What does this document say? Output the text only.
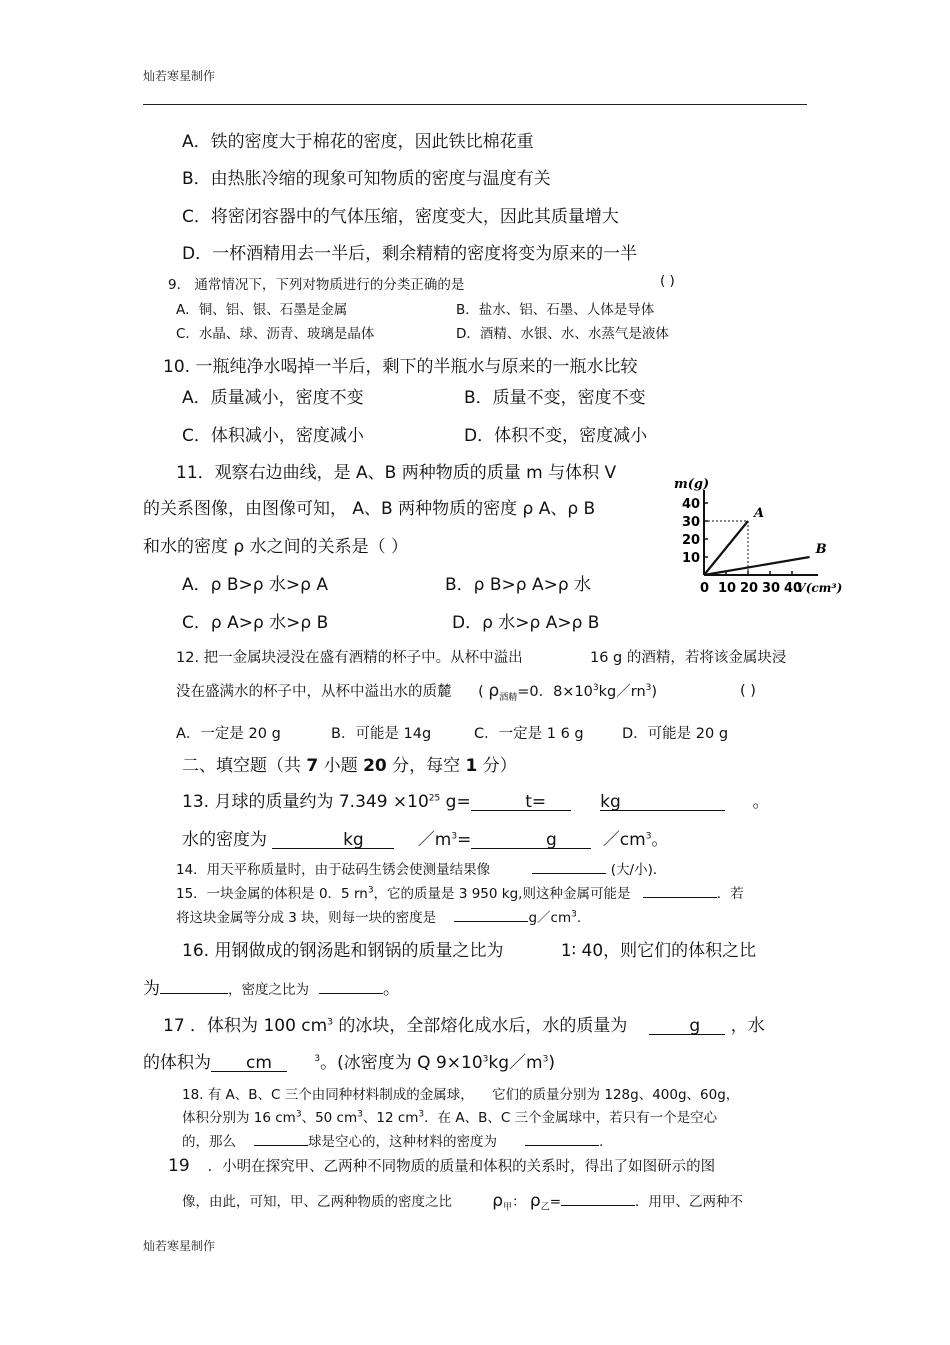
灿若寒星制作
A．铁的密度大于棉花的密度，因此铁比棉花重
B．由热胀冷缩的现象可知物质的密度与温度有关
C．将密闭容器中的气体压缩，密度变大，因此其质量增大
D．一杯酒精用去一半后，剩余精精的密度将变为原来的一半
9． 通常情况下，下列对物质进行的分类正确的是	( )
A．铜、铝、银、石墨是金属	B．盐水、铝、石墨、人体是导体
C．水晶、球、沥青、玻璃是晶体	D．酒精、水银、水、水蒸气是液体
10. 一瓶纯净水喝掉一半后，剩下的半瓶水与原来的一瓶水比较
A．质量减小，密度不变	B．质量不变，密度不变
C．体积减小，密度减小	D．体积不变，密度减小
11．观察右边曲线，是 A、B 两种物质的质量 m 与体积 V
的关系图像，由图像可知， A、B 两种物质的密度 ρ A、ρ B
和水的密度 ρ 水之间的关系是（ ）
A．ρ B>ρ 水>ρ A	B．ρ B>ρ A>ρ 水
C．ρ A>ρ 水>ρ B	D．ρ 水>ρ A>ρ B
m(g)
10
20
30
40
0 10 20 30 40
V(cm³)
A
B
12. 把一金属块浸没在盛有酒精的杯子中。从杯中溢出	16 g 的酒精，若将该金属块浸
没在盛满水的杯子中，从杯中溢出水的质麓 ( $\rho_{酒精}=0$．$8\times 10^3kg/rn^3$)	( )
A．一定是 20 g	B．可能是 14g	C．一定是 1 6 g	D．可能是 20 g
二、填空题（共 7 小题 20 分，每空 1 分）
13. 月球的质量约为 $7.349 \times 10^{25}$ g=	t=	kg	。
水的密度为	kg	$/m^3=$	g	$/cm^3$。
14．用天平称质量时，由于砝码生锈会使测量结果像	(大/小)．
15．一块金属的体积是 0．5 $rn^3$，它的质量是 3 950 kg,则这种金属可能是	．若
将这块金属等分成 3 块，则每一块的密度是	$g/cm^3$.
16. 用钢做成的钢汤匙和钢锅的质量之比为	1∶ 40，则它们的体积之比
为	，密度之比为	。
17 ．体积为 100 $cm^3$ 的冰块，全部熔化成水后，水的质量为	g ，水
的体积为 cm	$^3$。(冰密度为 Q $9\times 10^3kg/m^3$)
18. 有 A、B、C 三个由同种材料制成的金属球， 它们的质量分别为 128g、400g、60g，
体积分别为 16 $cm^3$、50 $cm^3$、12 $cm^3$．在 A、B、C 三个金属球中，若只有一个是空心
的，那么	球是空心的，这种材料的密度为	.
19 ．小明在探究甲、乙两种不同物质的质量和体积的关系时，得出了如图研示的图
像，由此，可知，甲、乙两种物质的密度之比 $\rho_甲$： $\rho_乙=$	．用甲、乙两种不
灿若寒星制作
